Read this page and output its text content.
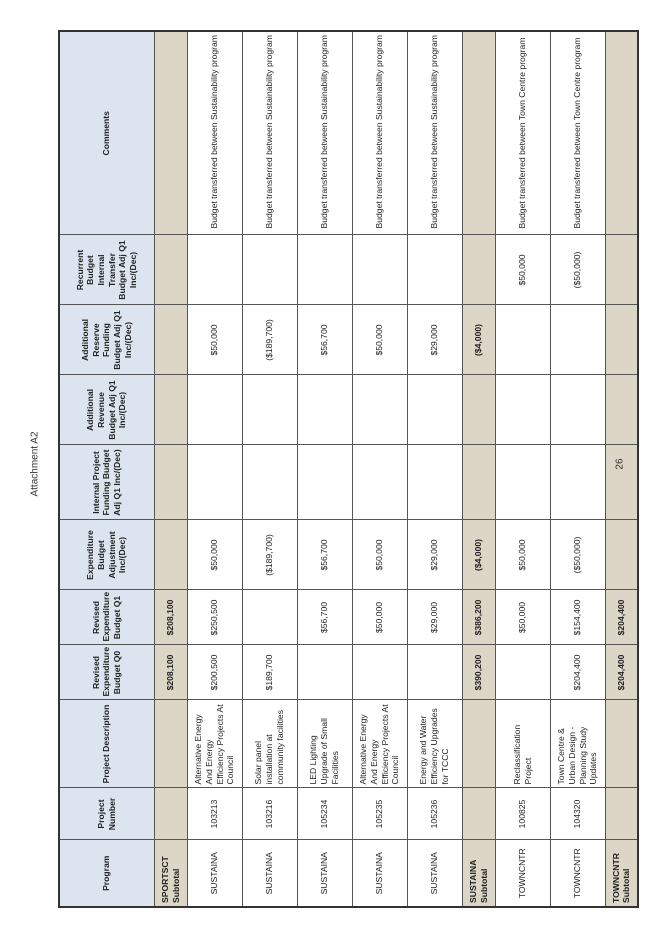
Attachment A2
Program	Project Number	Project Description	Revised Expenditure Budget Q0	Revised Expenditure Budget Q1	Expenditure Budget Adjustment Inc/(Dec)	Internal Project Funding Budget Adj Q1 Inc/(Dec)	Additional Revenue Budget Adj Q1 Inc/(Dec)	Additional Reserve Funding Budget Adj Q1 Inc/(Dec)	Recurrent Budget Internal Transfer Budget Adj Q1 Inc/(Dec)	Comments
SPORTSCT Subtotal			$208,100	$208,100						
SUSTAINA	103213	Alternative Energy And Energy Efficiency Projects At Council	$200,500	$250,500	$50,000			$50,000		Budget transferred between Sustainability program
SUSTAINA	103216	Solar panel installation at community facilities	$189,700		($189,700)			($189,700)		Budget transferred between Sustainability program
SUSTAINA	105234	LED Lighting Upgrade of Small Facilities		$56,700	$56,700			$56,700		Budget transferred between Sustainability program
SUSTAINA	105235	Alternative Energy And Energy Efficiency Projects At Council		$50,000	$50,000			$50,000		Budget transferred between Sustainability program
SUSTAINA	105236	Energy and Water Efficiency Upgrades for TCCC		$29,000	$29,000			$29,000		Budget transferred between Sustainability program
SUSTAINA Subtotal			$390,200	$386,200	($4,000)			($4,000)		
TOWNCNTR	100825	Reclassification Project		$50,000	$50,000				$50,000	Budget transferred between Town Centre program
TOWNCNTR	104320	Town Centre & Urban Design - Planning Study Updates	$204,400	$154,400	($50,000)				($50,000)	Budget transferred between Town Centre program
TOWNCNTR Subtotal			$204,400	$204,400						
26
